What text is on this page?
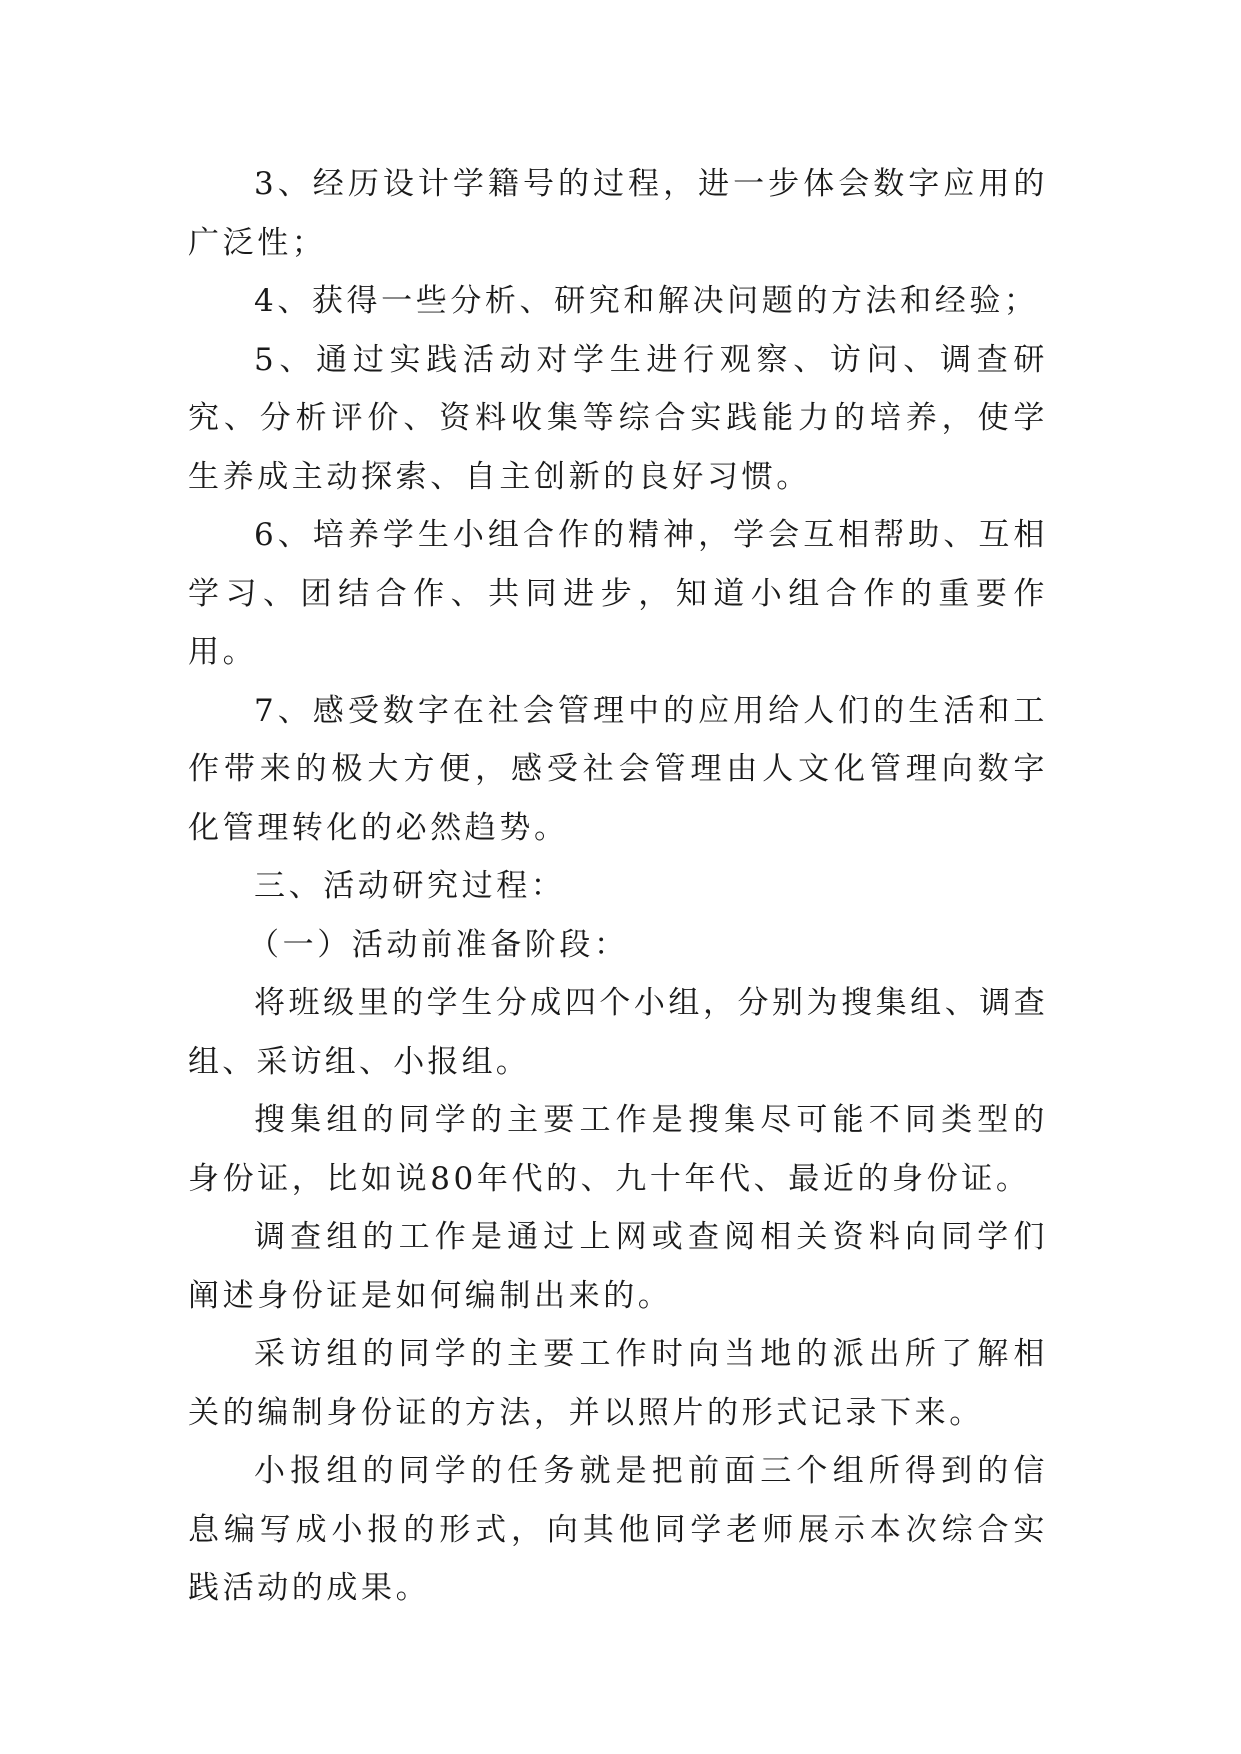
3、经历设计学籍号的过程，进一步体会数字应用的广泛性；

4、获得一些分析、研究和解决问题的方法和经验；

5、通过实践活动对学生进行观察、访问、调查研究、分析评价、资料收集等综合实践能力的培养，使学生养成主动探索、自主创新的良好习惯。

6、培养学生小组合作的精神，学会互相帮助、互相学习、团结合作、共同进步，知道小组合作的重要作用。

7、感受数字在社会管理中的应用给人们的生活和工作带来的极大方便，感受社会管理由人文化管理向数字化管理转化的必然趋势。

三、活动研究过程：

（一）活动前准备阶段：

将班级里的学生分成四个小组，分别为搜集组、调查组、采访组、小报组。

搜集组的同学的主要工作是搜集尽可能不同类型的身份证，比如说80年代的、九十年代、最近的身份证。

调查组的工作是通过上网或查阅相关资料向同学们阐述身份证是如何编制出来的。

采访组的同学的主要工作时向当地的派出所了解相关的编制身份证的方法，并以照片的形式记录下来。

小报组的同学的任务就是把前面三个组所得到的信息编写成小报的形式，向其他同学老师展示本次综合实践活动的成果。
